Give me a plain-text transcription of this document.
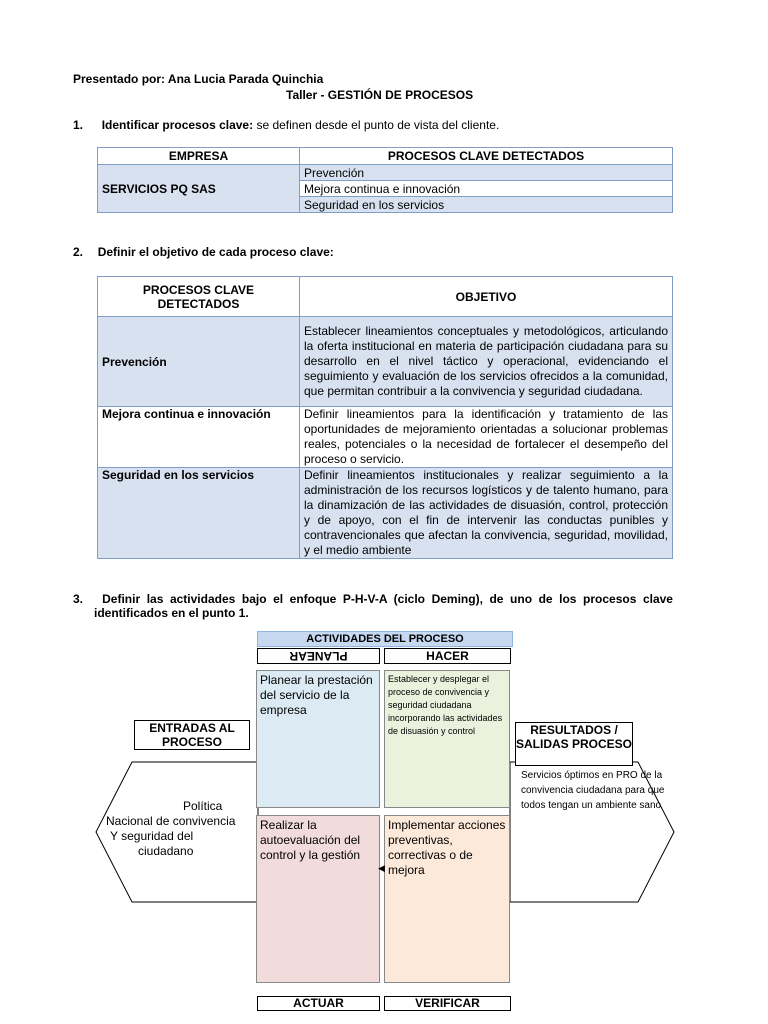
Presentado por: Ana Lucia Parada Quinchia
Taller - GESTIÓN DE PROCESOS
1. Identificar procesos clave: se definen desde el punto de vista del cliente.
EMPRESA	PROCESOS CLAVE DETECTADOS
SERVICIOS PQ SAS	Prevención
	Mejora continua e innovación
	Seguridad en los servicios
2. Definir el objetivo de cada proceso clave:
PROCESOS CLAVE DETECTADOS	OBJETIVO
Prevención	Establecer lineamientos conceptuales y metodológicos, articulando la oferta institucional en materia de participación ciudadana para su desarrollo en el nivel táctico y operacional, evidenciando el seguimiento y evaluación de los servicios ofrecidos a la comunidad, que permitan contribuir a la convivencia y seguridad ciudadana.
Mejora continua e innovación	Definir lineamientos para la identificación y tratamiento de las oportunidades de mejoramiento orientadas a solucionar problemas reales, potenciales o la necesidad de fortalecer el desempeño del proceso o servicio.
Seguridad en los servicios	Definir lineamientos institucionales y realizar seguimiento a la administración de los recursos logísticos y de talento humano, para la dinamización de las actividades de disuasión, control, protección y de apoyo, con el fin de intervenir las conductas punibles y contravencionales que afectan la convivencia, seguridad, movilidad, y el medio ambiente
3. Definir las actividades bajo el enfoque P-H-V-A (ciclo Deming), de uno de los procesos clave
identificados en el punto 1.
ACTIVIDADES DEL PROCESO
PLANEAR	HACER
ENTRADAS AL PROCESO
RESULTADOS / SALIDAS PROCESO
Política
Nacional de convivencia
Y seguridad del
ciudadano
Servicios óptimos en PRO de la convivencia ciudadana para que todos tengan un ambiente sano
Planear la prestación del servicio de la empresa
Establecer y desplegar el proceso de convivencia y seguridad ciudadana incorporando las actividades de disuasión y control
Realizar la autoevaluación del control y la gestión
Implementar acciones preventivas, correctivas o de mejora
◀
ACTUAR	VERIFICAR
